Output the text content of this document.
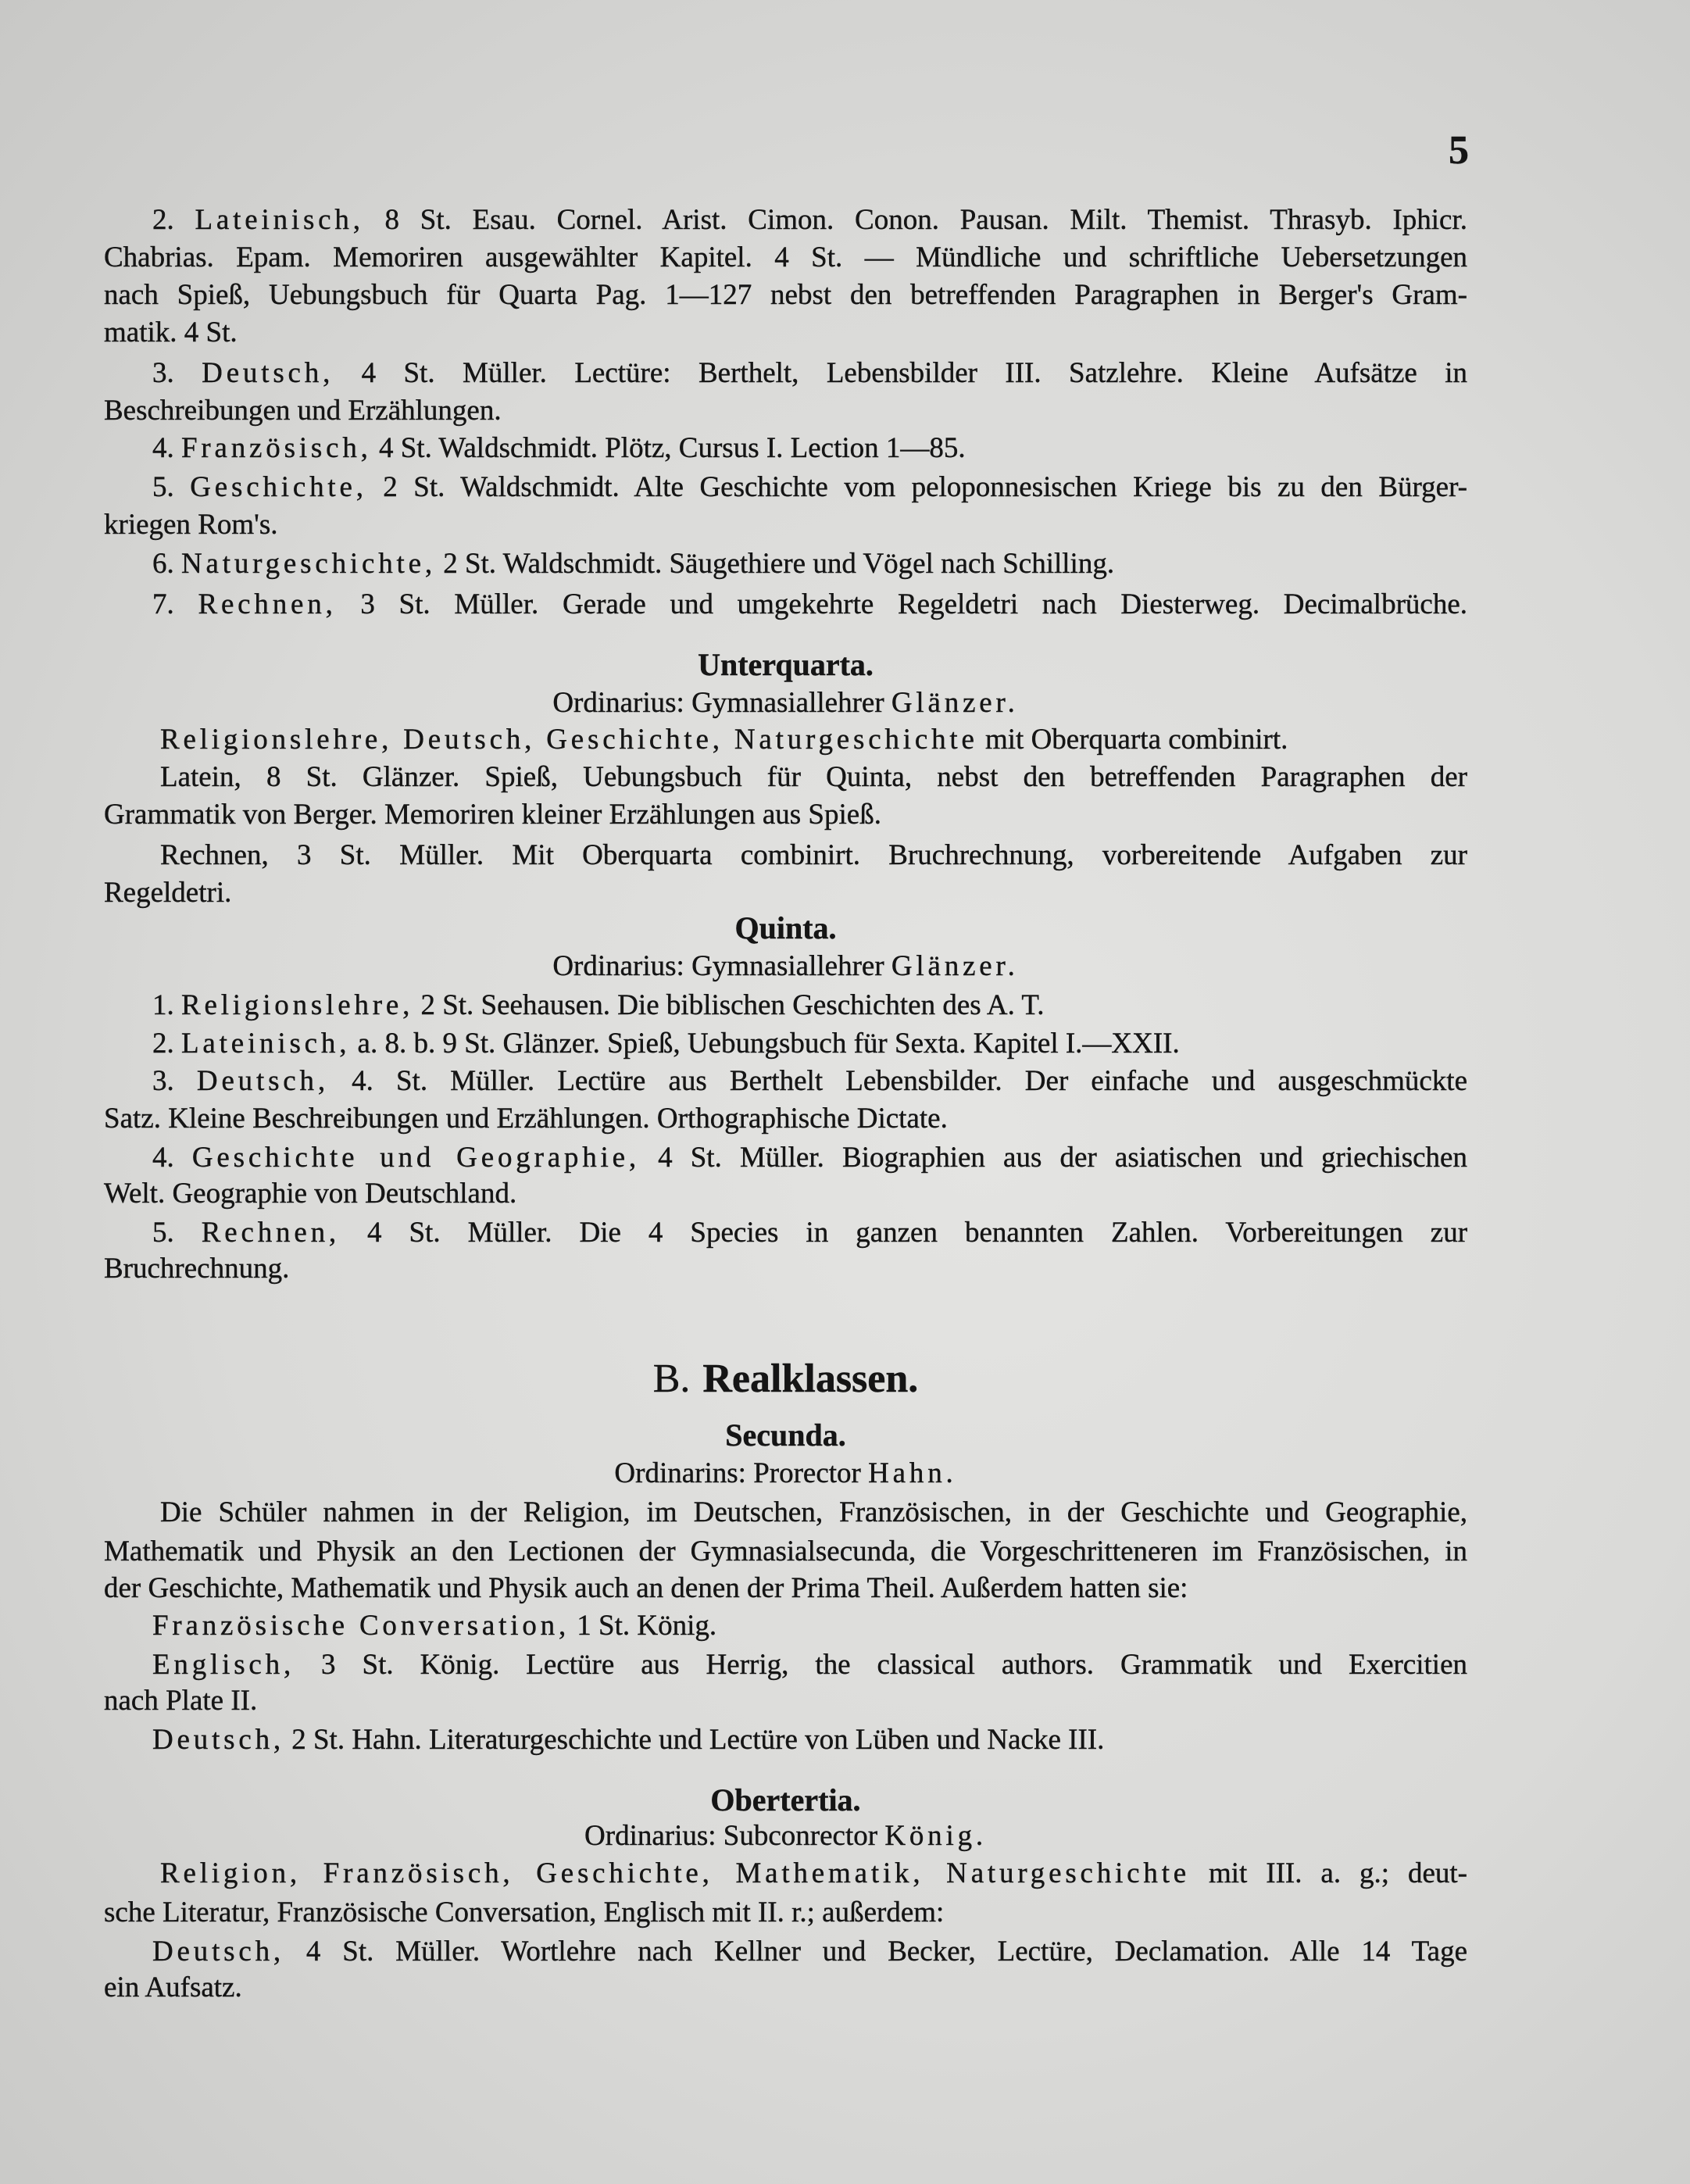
5
2. Lateinisch, 8 St. Esau. Cornel. Arist. Cimon. Conon. Pausan. Milt. Themist. Thrasyb. Iphicr.
Chabrias. Epam. Memoriren ausgewählter Kapitel. 4 St. — Mündliche und schriftliche Uebersetzungen
nach Spieß, Uebungsbuch für Quarta Pag. 1—127 nebst den betreffenden Paragraphen in Berger's Gram-
matik. 4 St.
3. Deutsch, 4 St. Müller. Lectüre: Berthelt, Lebensbilder III. Satzlehre. Kleine Aufsätze in
Beschreibungen und Erzählungen.
4. Französisch, 4 St. Waldschmidt. Plötz, Cursus I. Lection 1—85.
5. Geschichte, 2 St. Waldschmidt. Alte Geschichte vom peloponnesischen Kriege bis zu den Bürger-
kriegen Rom's.
6. Naturgeschichte, 2 St. Waldschmidt. Säugethiere und Vögel nach Schilling.
7. Rechnen, 3 St. Müller. Gerade und umgekehrte Regeldetri nach Diesterweg. Decimalbrüche.
Unterquarta.
Ordinarius: Gymnasiallehrer Glänzer.
Religionslehre, Deutsch, Geschichte, Naturgeschichte mit Oberquarta combinirt.
Latein, 8 St. Glänzer. Spieß, Uebungsbuch für Quinta, nebst den betreffenden Paragraphen der
Grammatik von Berger. Memoriren kleiner Erzählungen aus Spieß.
Rechnen, 3 St. Müller. Mit Oberquarta combinirt. Bruchrechnung, vorbereitende Aufgaben zur
Regeldetri.
Quinta.
Ordinarius: Gymnasiallehrer Glänzer.
1. Religionslehre, 2 St. Seehausen. Die biblischen Geschichten des A. T.
2. Lateinisch, a. 8. b. 9 St. Glänzer. Spieß, Uebungsbuch für Sexta. Kapitel I.—XXII.
3. Deutsch, 4. St. Müller. Lectüre aus Berthelt Lebensbilder. Der einfache und ausgeschmückte
Satz. Kleine Beschreibungen und Erzählungen. Orthographische Dictate.
4. Geschichte und Geographie, 4 St. Müller. Biographien aus der asiatischen und griechischen
Welt. Geographie von Deutschland.
5. Rechnen, 4 St. Müller. Die 4 Species in ganzen benannten Zahlen. Vorbereitungen zur
Bruchrechnung.
B. Realklassen.
Secunda.
Ordinarins: Prorector Hahn.
Die Schüler nahmen in der Religion, im Deutschen, Französischen, in der Geschichte und Geographie,
Mathematik und Physik an den Lectionen der Gymnasialsecunda, die Vorgeschritteneren im Französischen, in
der Geschichte, Mathematik und Physik auch an denen der Prima Theil. Außerdem hatten sie:
Französische Conversation, 1 St. König.
Englisch, 3 St. König. Lectüre aus Herrig, the classical authors. Grammatik und Exercitien
nach Plate II.
Deutsch, 2 St. Hahn. Literaturgeschichte und Lectüre von Lüben und Nacke III.
Obertertia.
Ordinarius: Subconrector König.
Religion, Französisch, Geschichte, Mathematik, Naturgeschichte mit III. a. g.; deut-
sche Literatur, Französische Conversation, Englisch mit II. r.; außerdem:
Deutsch, 4 St. Müller. Wortlehre nach Kellner und Becker, Lectüre, Declamation. Alle 14 Tage
ein Aufsatz.
